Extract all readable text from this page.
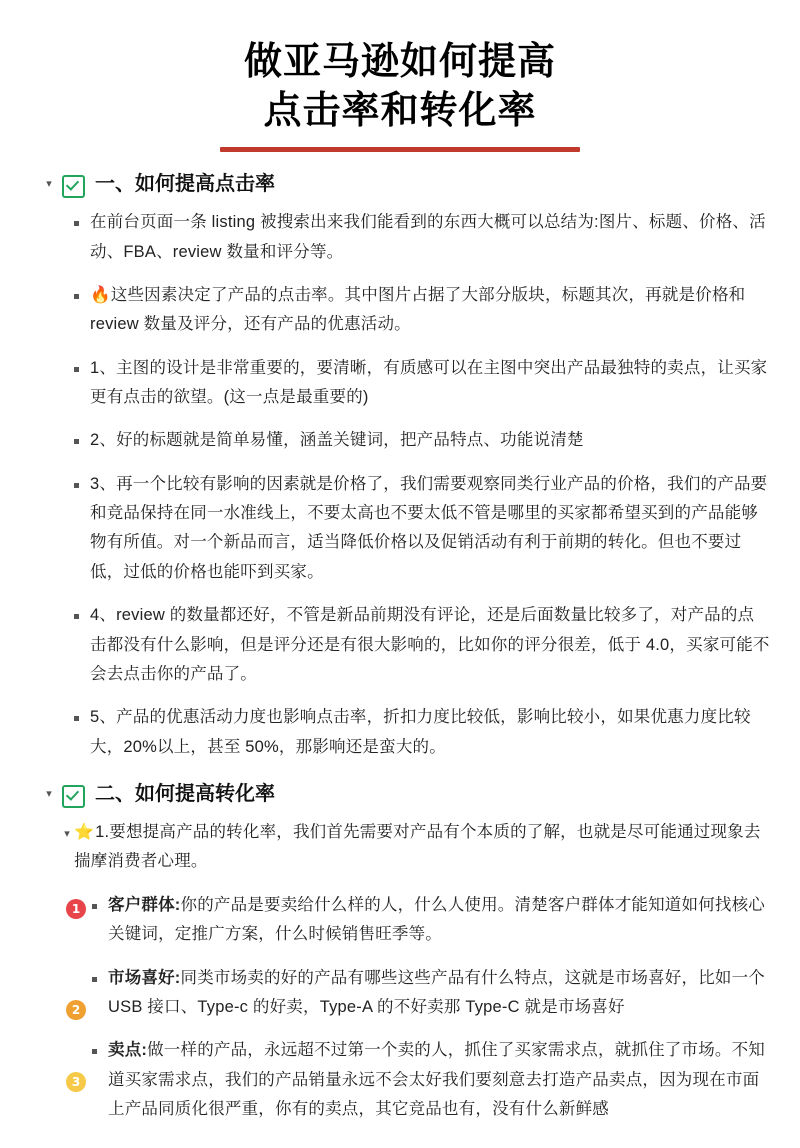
做亚马逊如何提高
点击率和转化率
▾ 一、如何提高点击率
在前台页面一条 listing 被搜索出来我们能看到的东西大概可以总结为:图片、标题、价格、活动、FBA、review 数量和评分等。
🔥这些因素决定了产品的点击率。其中图片占据了大部分版块，标题其次，再就是价格和 review 数量及评分，还有产品的优惠活动。
1、主图的设计是非常重要的，要清晰，有质感可以在主图中突出产品最独特的卖点，让买家更有点击的欲望。(这一点是最重要的)
2、好的标题就是简单易懂，涵盖关键词，把产品特点、功能说清楚
3、再一个比较有影响的因素就是价格了，我们需要观察同类行业产品的价格，我们的产品要和竞品保持在同一水准线上，不要太高也不要太低不管是哪里的买家都希望买到的产品能够物有所值。对一个新品而言，适当降低价格以及促销活动有利于前期的转化。但也不要过低，过低的价格也能吓到买家。
4、review 的数量都还好，不管是新品前期没有评论，还是后面数量比较多了，对产品的点击都没有什么影响，但是评分还是有很大影响的，比如你的评分很差，低于 4.0，买家可能不会去点击你的产品了。
5、产品的优惠活动力度也影响点击率，折扣力度比较低，影响比较小，如果优惠力度比较大，20%以上，甚至 50%，那影响还是蛮大的。
▾ 二、如何提高转化率
▾ ⭐1.要想提高产品的转化率，我们首先需要对产品有个本质的了解，也就是尽可能通过现象去揣摩消费者心理。
1	客户群体:你的产品是要卖给什么样的人，什么人使用。清楚客户群体才能知道如何找核心关键词，定推广方案，什么时候销售旺季等。
2
市场喜好:同类市场卖的好的产品有哪些这些产品有什么特点，这就是市场喜好，比如一个 USB 接口、Type-c 的好卖，Type-A 的不好卖那 Type-C 就是市场喜好
3
卖点:做一样的产品，永远超不过第一个卖的人，抓住了买家需求点，就抓住了市场。不知道买家需求点，我们的产品销量永远不会太好我们要刻意去打造产品卖点，因为现在市面上产品同质化很严重，你有的卖点，其它竞品也有，没有什么新鲜感
